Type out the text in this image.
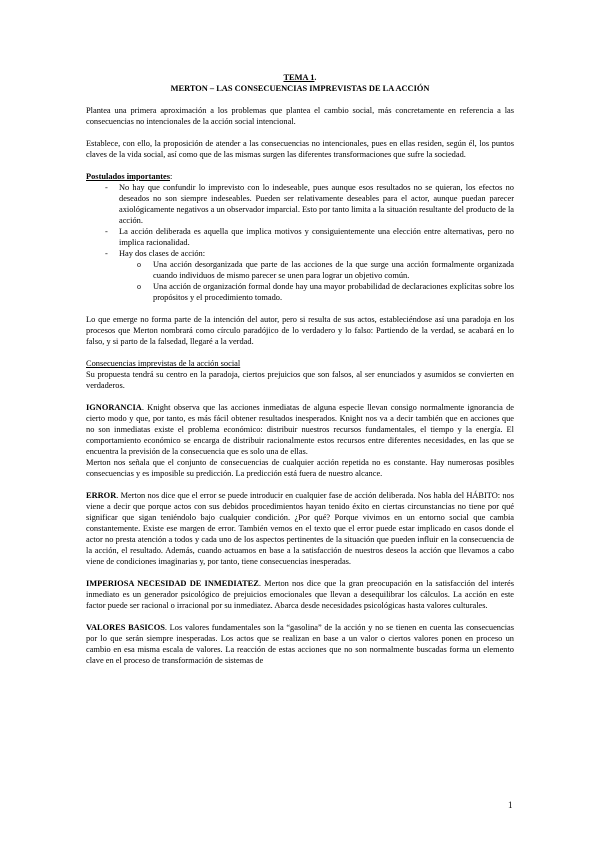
TEMA 1.
MERTON – LAS CONSECUENCIAS IMPREVISTAS DE LA ACCIÓN

Plantea una primera aproximación a los problemas que plantea el cambio social, más concretamente en referencia a las consecuencias no intencionales de la acción social intencional.

Establece, con ello, la proposición de atender a las consecuencias no intencionales, pues en ellas residen, según él, los puntos claves de la vida social, así como que de las mismas surgen las diferentes transformaciones que sufre la sociedad.

Postulados importantes:
- No hay que confundir lo imprevisto con lo indeseable, pues aunque esos resultados no se quieran, los efectos no deseados no son siempre indeseables. Pueden ser relativamente deseables para el actor, aunque puedan parecer axiológicamente negativos a un observador imparcial. Esto por tanto limita a la situación resultante del producto de la acción.
- La acción deliberada es aquella que implica motivos y consiguientemente una elección entre alternativas, pero no implica racionalidad.
- Hay dos clases de acción:
o Una acción desorganizada que parte de las acciones de la que surge una acción formalmente organizada cuando individuos de mismo parecer se unen para lograr un objetivo común.
o Una acción de organización formal donde hay una mayor probabilidad de declaraciones explícitas sobre los propósitos y el procedimiento tomado.

Lo que emerge no forma parte de la intención del autor, pero si resulta de sus actos, estableciéndose así una paradoja en los procesos que Merton nombrará como círculo paradójico de lo verdadero y lo falso: Partiendo de la verdad, se acabará en lo falso, y si parto de la falsedad, llegaré a la verdad.

Consecuencias imprevistas de la acción social
Su propuesta tendrá su centro en la paradoja, ciertos prejuicios que son falsos, al ser enunciados y asumidos se convierten en verdaderos.
IGNORANCIA. Knight observa que las acciones inmediatas de alguna especie llevan consigo normalmente ignorancia de cierto modo y que, por tanto, es más fácil obtener resultados inesperados. Knight nos va a decir también que en acciones que no son inmediatas existe el problema económico: distribuir nuestros recursos fundamentales, el tiempo y la energía. El comportamiento económico se encarga de distribuir racionalmente estos recursos entre diferentes necesidades, en las que se encuentra la previsión de la consecuencia que es solo una de ellas.
Merton nos señala que el conjunto de consecuencias de cualquier acción repetida no es constante. Hay numerosas posibles consecuencias y es imposible su predicción. La predicción está fuera de nuestro alcance.

ERROR. Merton nos dice que el error se puede introducir en cualquier fase de acción deliberada. Nos habla del HÁBITO: nos viene a decir que porque actos con sus debidos procedimientos hayan tenido éxito en ciertas circunstancias no tiene por qué significar que sigan teniéndolo bajo cualquier condición. ¿Por qué? Porque vivimos en un entorno social que cambia constantemente. Existe ese margen de error. También vemos en el texto que el error puede estar implicado en casos donde el actor no presta atención a todos y cada uno de los aspectos pertinentes de la situación que pueden influir en la consecuencia de la acción, el resultado. Además, cuando actuamos en base a la satisfacción de nuestros deseos la acción que llevamos a cabo viene de condiciones imaginarias y, por tanto, tiene consecuencias inesperadas.

IMPERIOSA NECESIDAD DE INMEDIATEZ. Merton nos dice que la gran preocupación en la satisfacción del interés inmediato es un generador psicológico de prejuicios emocionales que llevan a desequilibrar los cálculos. La acción en este factor puede ser racional o irracional por su inmediatez. Abarca desde necesidades psicológicas hasta valores culturales.

VALORES BASICOS. Los valores fundamentales son la “gasolina” de la acción y no se tienen en cuenta las consecuencias por lo que serán siempre inesperadas. Los actos que se realizan en base a un valor o ciertos valores ponen en proceso un cambio en esa misma escala de valores. La reacción de estas acciones que no son normalmente buscadas forma un elemento clave en el proceso de transformación de sistemas de

1
